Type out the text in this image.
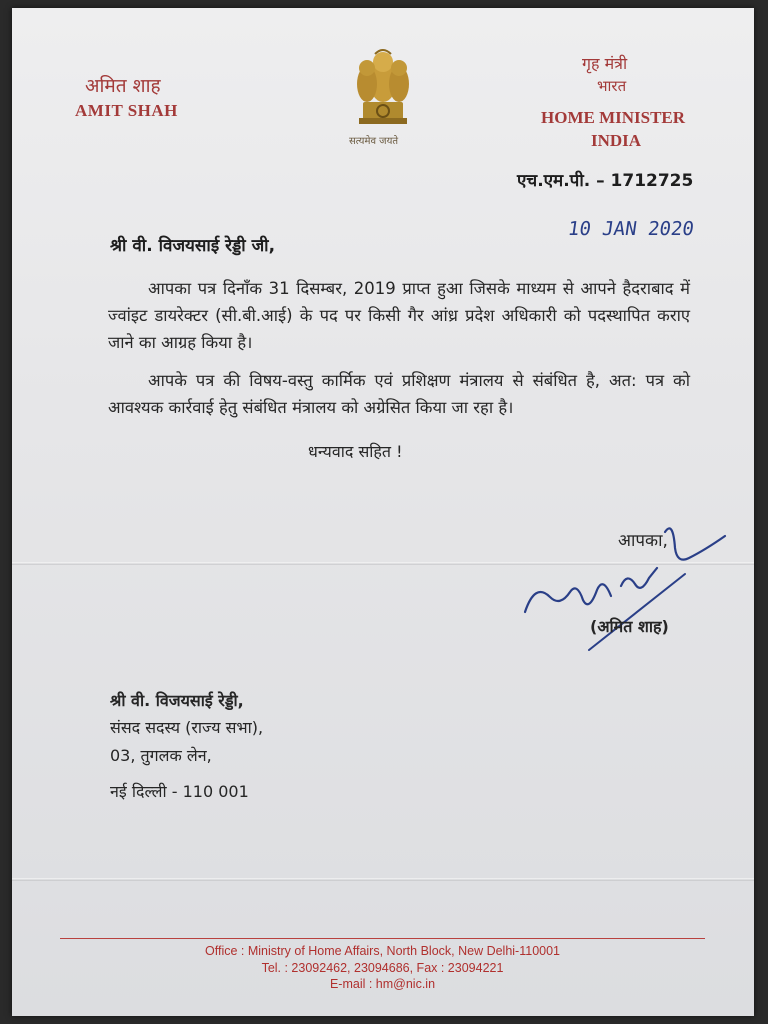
अमित शाह
AMIT SHAH
सत्यमेव जयते
गृह मंत्री
भारत
HOME MINISTER
INDIA
एच.एम.पी. – 1712725
10 JAN 2020
श्री वी. विजयसाई रेड्डी जी,
आपका पत्र दिनाँक 31 दिसम्बर, 2019 प्राप्त हुआ जिसके माध्यम से आपने हैदराबाद में ज्वांइट डायरेक्टर (सी.बी.आई) के पद पर किसी गैर आंध्र प्रदेश अधिकारी को पदस्थापित कराए जाने का आग्रह किया है।
आपके पत्र की विषय-वस्तु कार्मिक एवं प्रशिक्षण मंत्रालय से संबंधित है, अत: पत्र को आवश्यक कार्रवाई हेतु संबंधित मंत्रालय को अग्रेसित किया जा रहा है।
धन्यवाद सहित !
आपका,
(अमित शाह)
श्री वी. विजयसाई रेड्डी,
संसद सदस्य (राज्य सभा),
03, तुगलक लेन,
नई दिल्ली - 110 001
Office : Ministry of Home Affairs, North Block, New Delhi-110001
Tel. : 23092462, 23094686, Fax : 23094221
E-mail : hm@nic.in
